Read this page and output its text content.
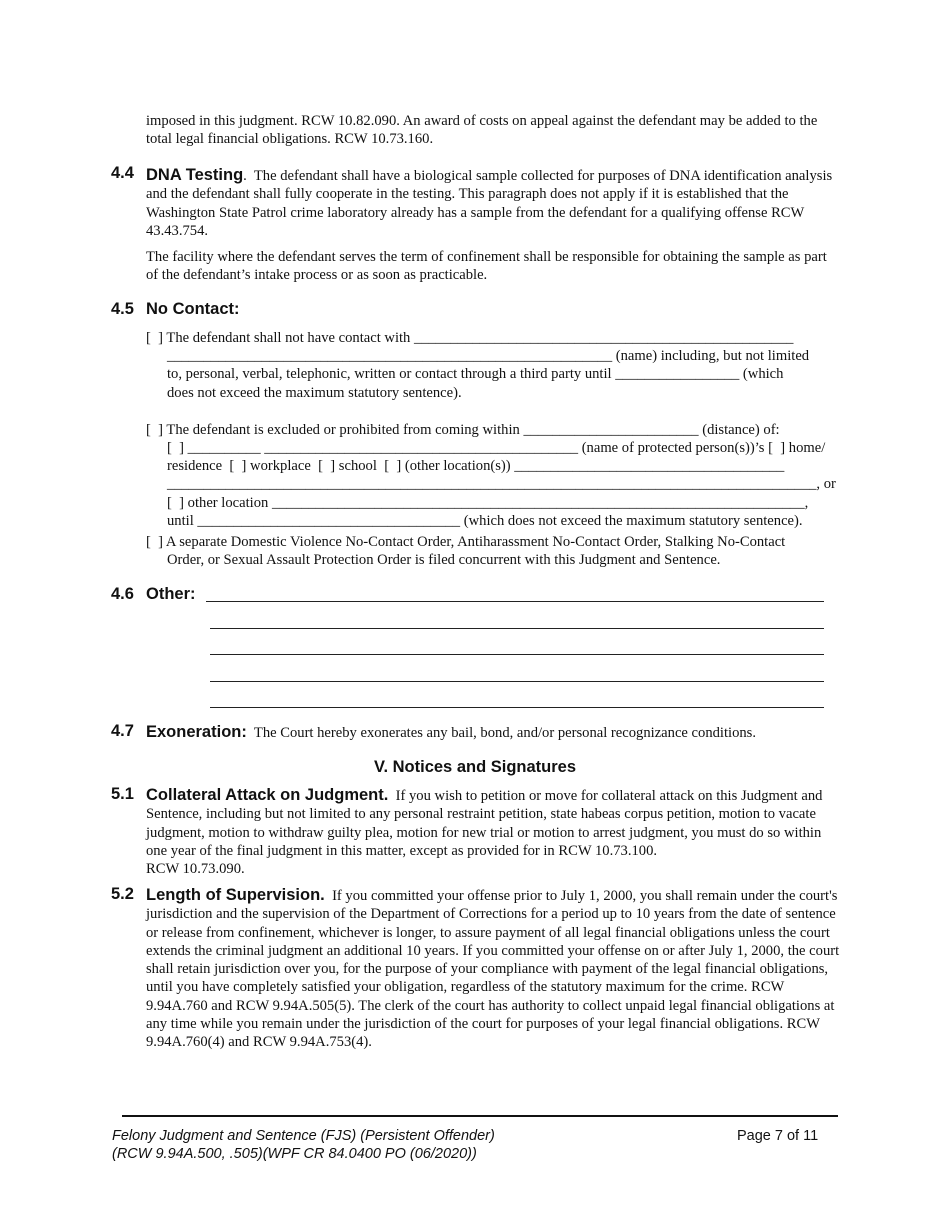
imposed in this judgment. RCW 10.82.090. An award of costs on appeal against the defendant may be added to the total legal financial obligations. RCW 10.73.160.
4.4 DNA Testing. The defendant shall have a biological sample collected for purposes of DNA identification analysis and the defendant shall fully cooperate in the testing. This paragraph does not apply if it is established that the Washington State Patrol crime laboratory already has a sample from the defendant for a qualifying offense RCW 43.43.754.
The facility where the defendant serves the term of confinement shall be responsible for obtaining the sample as part of the defendant’s intake process or as soon as practicable.
4.5 No Contact:
[  ] The defendant shall not have contact with ____________________________________________________
_____________________________________________________________ (name) including, but not limited
to, personal, verbal, telephonic, written or contact through a third party until _________________ (which
does not exceed the maximum statutory sentence).
[  ] The defendant is excluded or prohibited from coming within ________________________ (distance) of:
[  ] __________ ___________________________________________ (name of protected person(s))’s [  ] home/
residence  [  ] workplace  [  ] school  [  ] (other location(s)) _____________________________________
_________________________________________________________________________________________, or
[  ] other location _________________________________________________________________________,
until ____________________________________ (which does not exceed the maximum statutory sentence).
[  ] A separate Domestic Violence No-Contact Order, Antiharassment No-Contact Order, Stalking No-Contact
Order, or Sexual Assault Protection Order is filed concurrent with this Judgment and Sentence.
4.6 Other:
4.7 Exoneration: The Court hereby exonerates any bail, bond, and/or personal recognizance conditions.
V. Notices and Signatures
5.1 Collateral Attack on Judgment. If you wish to petition or move for collateral attack on this Judgment and Sentence, including but not limited to any personal restraint petition, state habeas corpus petition, motion to vacate judgment, motion to withdraw guilty plea, motion for new trial or motion to arrest judgment, you must do so within one year of the final judgment in this matter, except as provided for in RCW 10.73.100.
RCW 10.73.090.
5.2 Length of Supervision. If you committed your offense prior to July 1, 2000, you shall remain under the court's jurisdiction and the supervision of the Department of Corrections for a period up to 10 years from the date of sentence or release from confinement, whichever is longer, to assure payment of all legal financial obligations unless the court extends the criminal judgment an additional 10 years. If you committed your offense on or after July 1, 2000, the court shall retain jurisdiction over you, for the purpose of your compliance with payment of the legal financial obligations, until you have completely satisfied your obligation, regardless of the statutory maximum for the crime. RCW 9.94A.760 and RCW 9.94A.505(5). The clerk of the court has authority to collect unpaid legal financial obligations at any time while you remain under the jurisdiction of the court for purposes of your legal financial obligations. RCW 9.94A.760(4) and RCW 9.94A.753(4).
Felony Judgment and Sentence (FJS) (Persistent Offender)
(RCW 9.94A.500, .505)(WPF CR 84.0400 PO (06/2020))
Page 7 of 11
